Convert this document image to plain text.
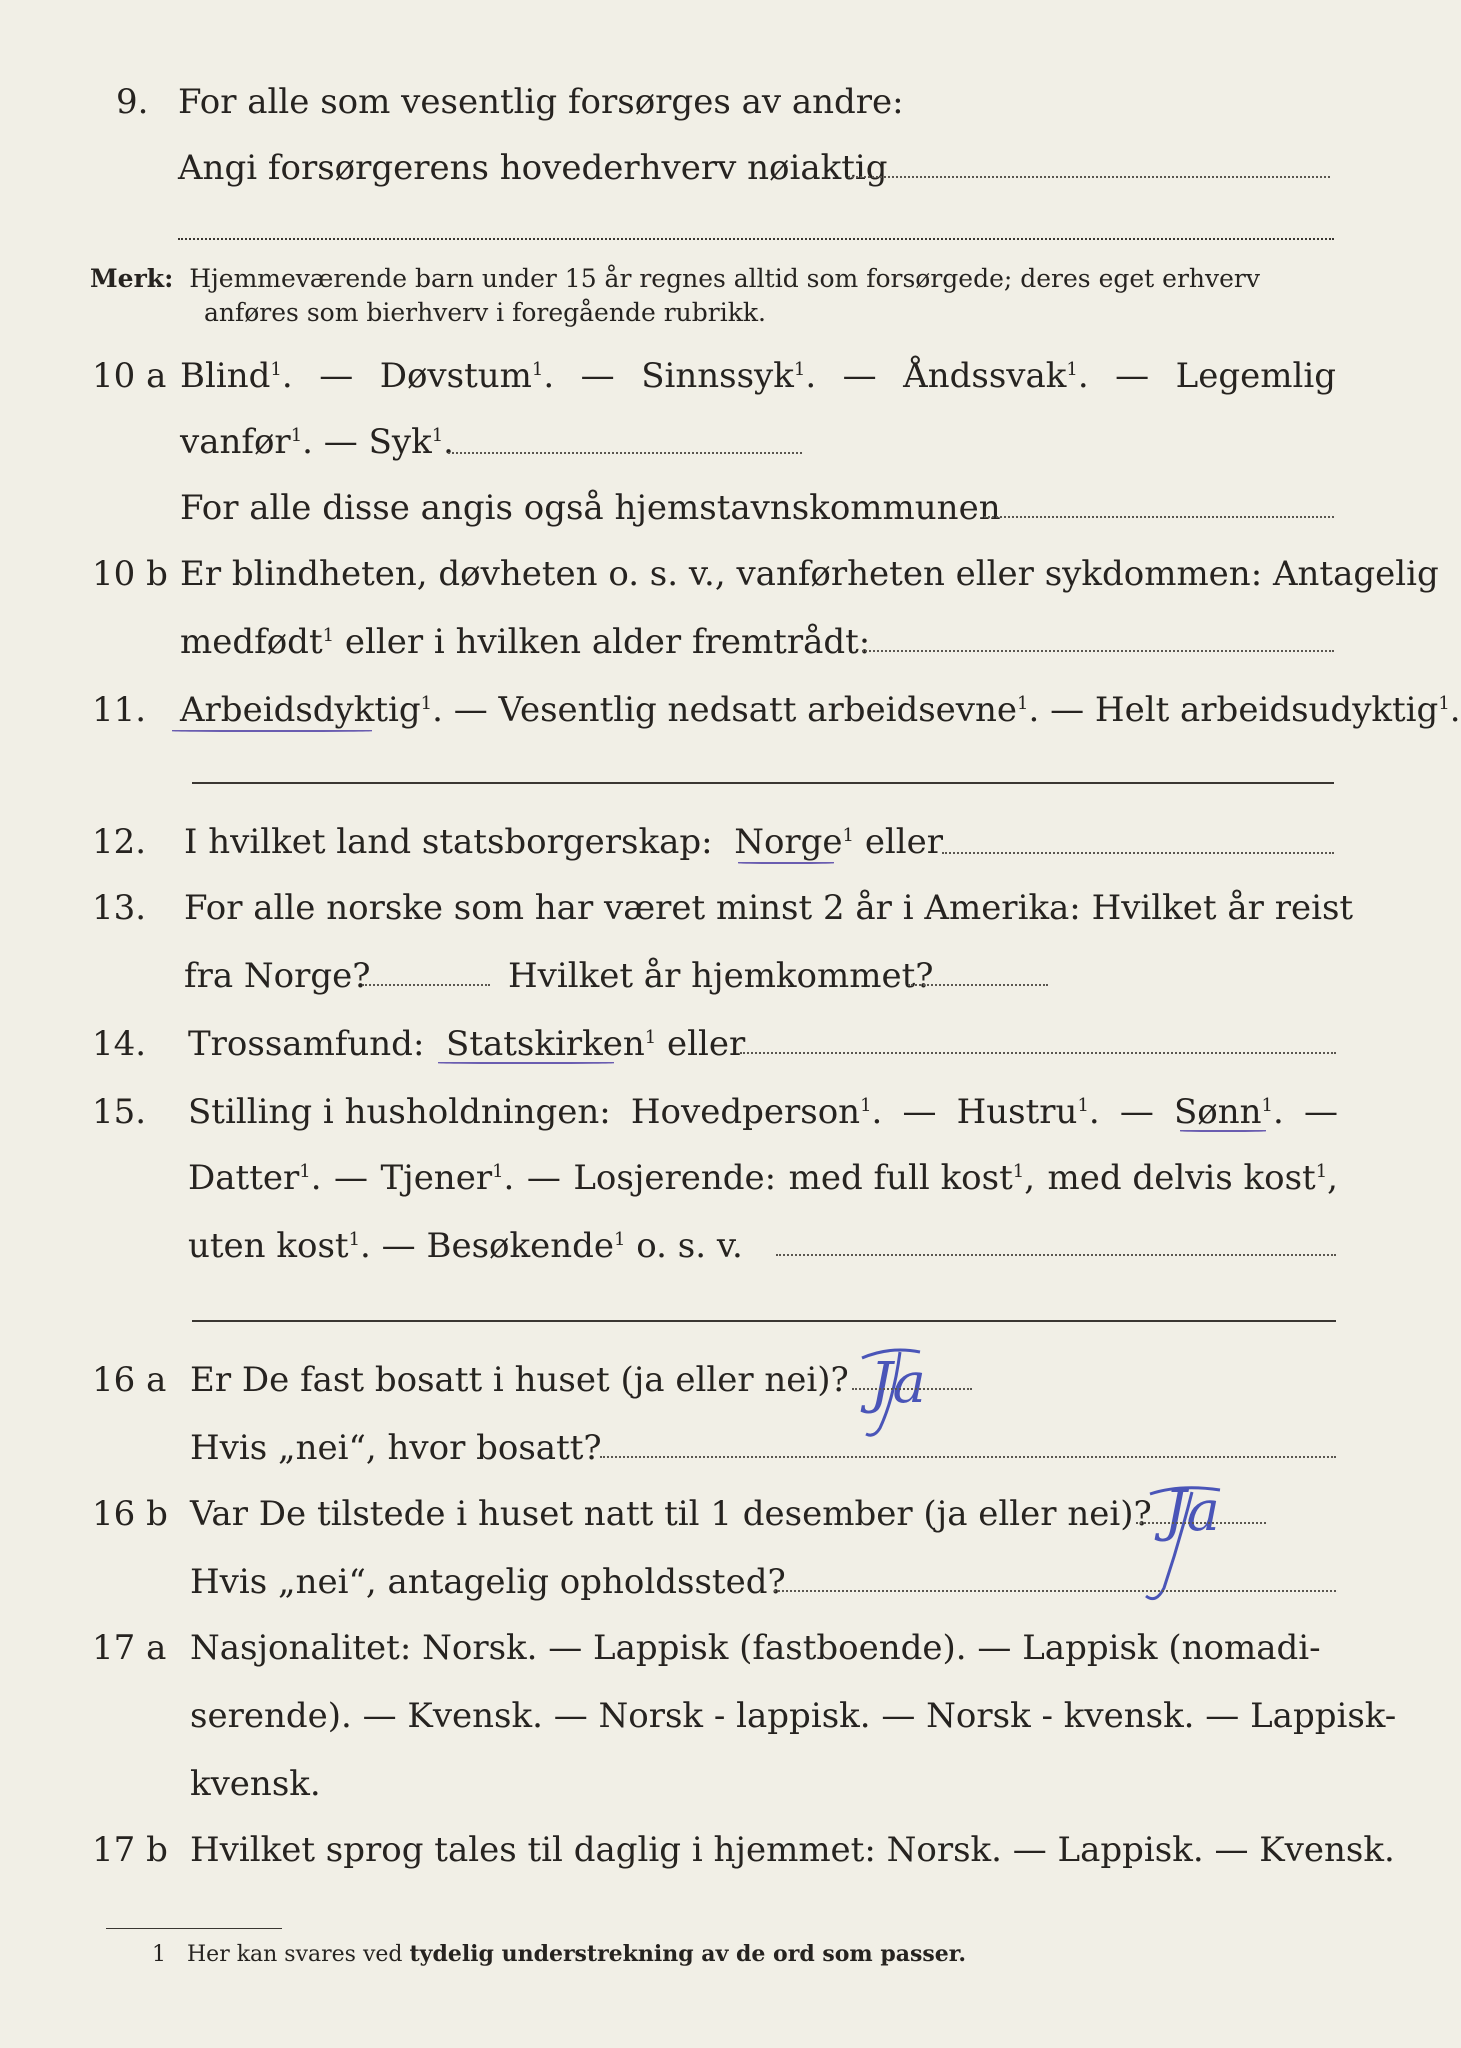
9. For alle som vesentlig forsørges av andre:
Angi forsørgerens hovederhverv nøiaktig
Merk: Hjemmeværende barn under 15 år regnes alltid som forsørgede; deres eget erhverv
anføres som bierhverv i foregående rubrikk.
10 a Blind$^1$. — Døvstum$^1$. — Sinnssyk$^1$. — Åndssvak$^1$. — Legemlig
vanfør$^1$. — Syk$^1$.
For alle disse angis også hjemstavnskommunen
10 b Er blindheten, døvheten o. s. v., vanførheten eller sykdommen: Antagelig
medfødt$^1$ eller i hvilken alder fremtrådt:
11. Arbeidsdyktig$^1$. — Vesentlig nedsatt arbeidsevne$^1$. — Helt arbeidsudyktig$^1$.
12. I hvilket land statsborgerskap: Norge$^1$ eller
13. For alle norske som har været minst 2 år i Amerika: Hvilket år reist
fra Norge?	Hvilket år hjemkommet?
14. Trossamfund: Statskirken$^1$ eller
15. Stilling i husholdningen: Hovedperson$^1$. — Hustru$^1$. — Sønn$^1$. —
Datter$^1$. — Tjener$^1$. — Losjerende: med full kost$^1$, med delvis kost$^1$,
uten kost$^1$. — Besøkende$^1$ o. s. v.
16 a Er De fast bosatt i huset (ja eller nei)? Ja
Hvis „nei“, hvor bosatt?
16 b Var De tilstede i huset natt til 1 desember (ja eller nei)? Ja
Hvis „nei“, antagelig opholdssted?
17 a Nasjonalitet: Norsk. — Lappisk (fastboende). — Lappisk (nomadi-
serende). — Kvensk. — Norsk - lappisk. — Norsk - kvensk. — Lappisk-
kvensk.
17 b Hvilket sprog tales til daglig i hjemmet: Norsk. — Lappisk. — Kvensk.
1 Her kan svares ved tydelig understrekning av de ord som passer.
